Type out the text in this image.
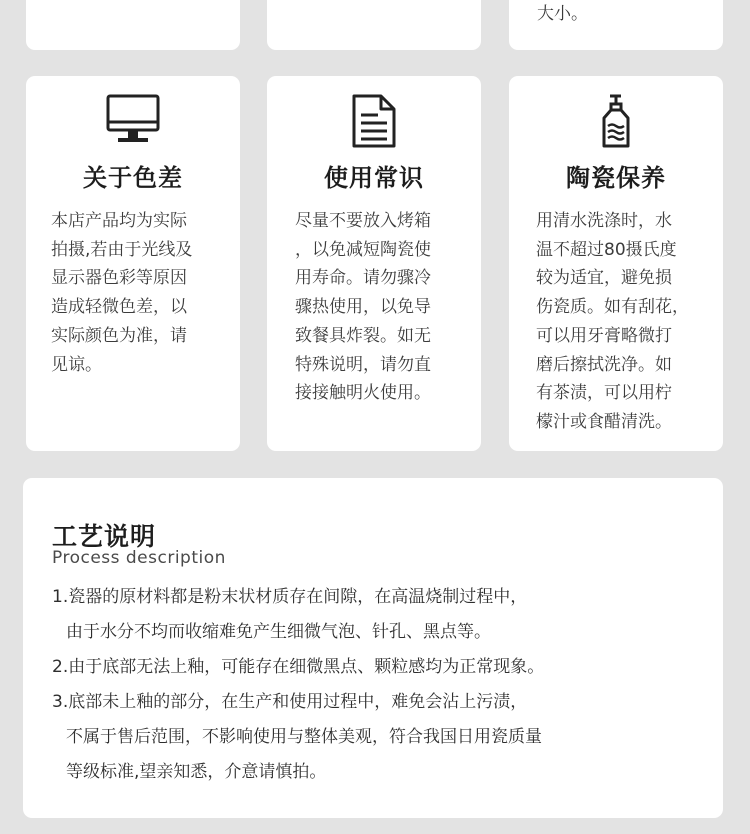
大小。
关于色差
本店产品均为实际
拍摄,若由于光线及
显示器色彩等原因
造成轻微色差，以
实际颜色为准，请
见谅。
使用常识
尽量不要放入烤箱
，以免减短陶瓷使
用寿命。请勿骤冷
骤热使用，以免导
致餐具炸裂。如无
特殊说明，请勿直
接接触明火使用。
陶瓷保养
用清水洗涤时，水
温不超过80摄氏度
较为适宜，避免损
伤瓷质。如有刮花，
可以用牙膏略微打
磨后擦拭洗净。如
有茶渍，可以用柠
檬汁或食醋清洗。
工艺说明
Process description
1.瓷器的原材料都是粉末状材质存在间隙，在高温烧制过程中，
由于水分不均而收缩难免产生细微气泡、针孔、黑点等。
2.由于底部无法上釉，可能存在细微黑点、颗粒感均为正常现象。
3.底部未上釉的部分，在生产和使用过程中，难免会沾上污渍，
不属于售后范围，不影响使用与整体美观，符合我国日用瓷质量
等级标准,望亲知悉，介意请慎拍。
